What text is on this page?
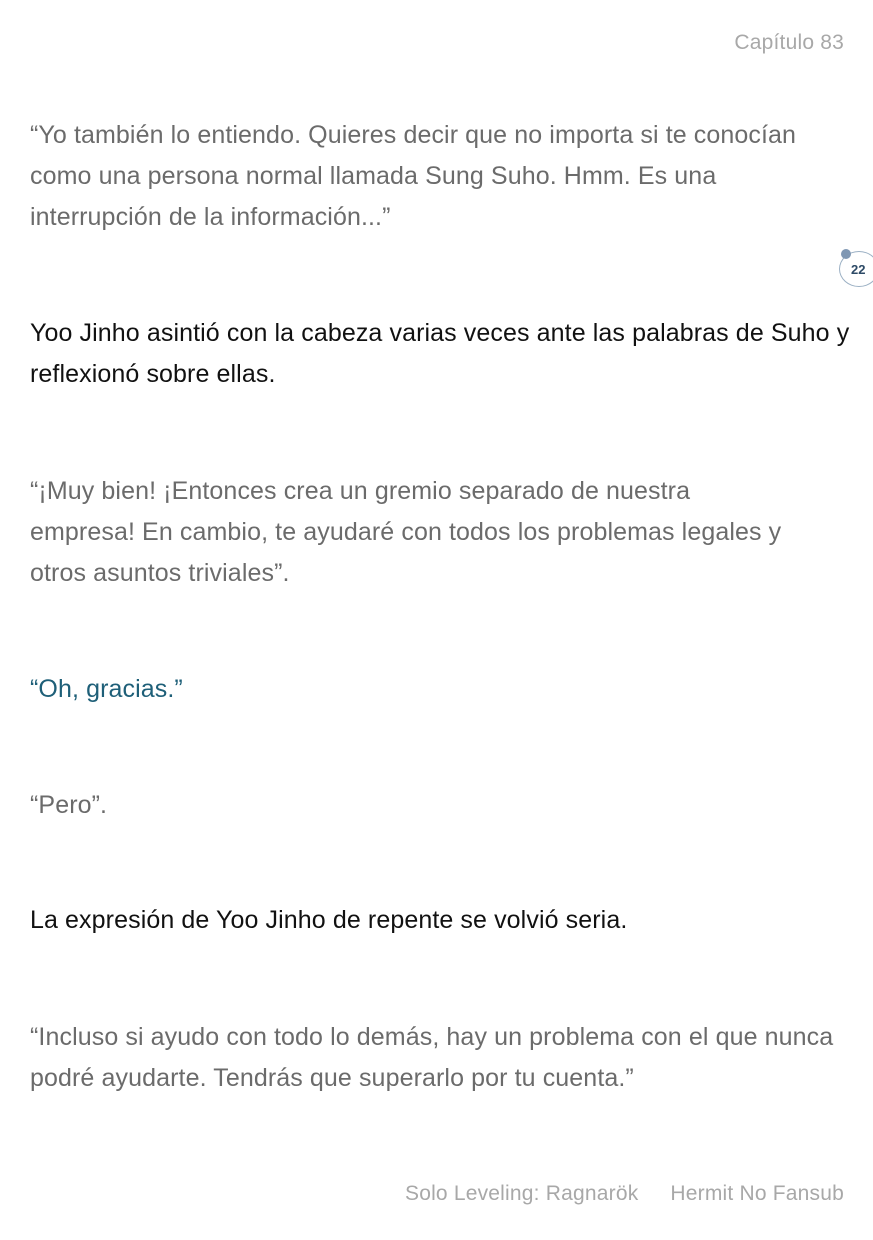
Capítulo 83

“Yo también lo entiendo. Quieres decir que no importa si te conocían como una persona normal llamada Sung Suho. Hmm. Es una interrupción de la información...”

22

Yoo Jinho asintió con la cabeza varias veces ante las palabras de Suho y reflexionó sobre ellas.

“¡Muy bien! ¡Entonces crea un gremio separado de nuestra empresa! En cambio, te ayudaré con todos los problemas legales y otros asuntos triviales”.

“Oh, gracias.”

“Pero”.

La expresión de Yoo Jinho de repente se volvió seria.

“Incluso si ayudo con todo lo demás, hay un problema con el que nunca podré ayudarte. Tendrás que superarlo por tu cuenta.”

Solo Leveling: Ragnarök Hermit No Fansub
